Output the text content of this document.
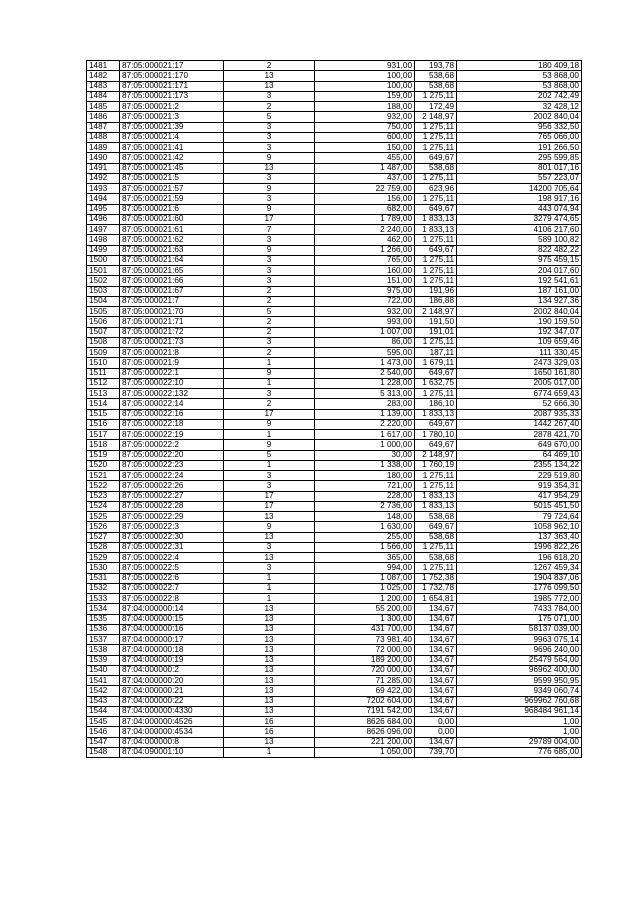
1481	87:05:000021:17	2	931,00	193,78	180 409,18
1482	87:05:000021:170	13	100,00	538,68	53 868,00
1483	87:05:000021:171	13	100,00	538,68	53 868,00
1484	87:05:000021:173	3	159,00	1 275,11	202 742,49
1485	87:05:000021:2	2	188,00	172,49	32 428,12
1486	87:05:000021:3	5	932,00	2 148,97	2002 840,04
1487	87:05:000021:39	3	750,00	1 275,11	956 332,50
1488	87:05:000021:4	3	600,00	1 275,11	765 066,00
1489	87:05:000021:41	3	150,00	1 275,11	191 266,50
1490	87:05:000021:42	9	455,00	649,67	295 599,85
1491	87:05:000021:45	13	1 487,00	538,68	801 017,16
1492	87:05:000021:5	3	437,00	1 275,11	557 223,07
1493	87:05:000021:57	9	22 759,00	623,96	14200 705,64
1494	87:05:000021:59	3	156,00	1 275,11	198 917,16
1495	87:05:000021:6	9	682,00	649,67	443 074,94
1496	87:05:000021:60	17	1 789,00	1 833,13	3279 474,65
1497	87:05:000021:61	7	2 240,00	1 833,13	4106 217,60
1498	87:05:000021:62	3	462,00	1 275,11	589 100,82
1499	87:05:000021:63	9	1 266,00	649,67	822 482,22
1500	87:05:000021:64	3	765,00	1 275,11	975 459,15
1501	87:05:000021:65	3	160,00	1 275,11	204 017,60
1502	87:05:000021:66	3	151,00	1 275,11	192 541,61
1503	87:05:000021:67	2	975,00	191,96	187 161,00
1504	87:05:000021:7	2	722,00	186,88	134 927,36
1505	87:05:000021:70	5	932,00	2 148,97	2002 840,04
1506	87:05:000021:71	2	993,00	191,50	190 159,50
1507	87:05:000021:72	2	1 007,00	191,01	192 347,07
1508	87:05:000021:73	3	86,00	1 275,11	109 659,46
1509	87:05:000021:8	2	595,00	187,11	111 330,45
1510	87:05:000021:9	1	1 473,00	1 679,11	2473 329,03
1511	87:05:000022:1	9	2 540,00	649,67	1650 161,80
1512	87:05:000022:10	1	1 228,00	1 632,75	2005 017,00
1513	87:05:000022:132	3	5 313,00	1 275,11	6774 659,43
1514	87:05:000022:14	2	283,00	186,10	52 666,30
1515	87:05:000022:16	17	1 139,00	1 833,13	2087 935,33
1516	87:05:000022:18	9	2 220,00	649,67	1442 267,40
1517	87:05:000022:19	1	1 617,00	1 780,10	2878 421,70
1518	87:05:000022:2	9	1 000,00	649,67	649 670,00
1519	87:05:000022:20	5	30,00	2 148,97	64 469,10
1520	87:05:000022:23	1	1 338,00	1 760,19	2355 134,22
1521	87:05:000022:24	3	180,00	1 275,11	229 519,80
1522	87:05:000022:26	3	721,00	1 275,11	919 354,31
1523	87:05:000022:27	17	228,00	1 833,13	417 954,29
1524	87:05:000022:28	17	2 736,00	1 833,13	5015 451,50
1525	87:05:000022:29	13	148,00	538,68	79 724,64
1526	87:05:000022:3	9	1 630,00	649,67	1058 962,10
1527	87:05:000022:30	13	255,00	538,68	137 363,40
1528	87:05:000022:31	3	1 566,00	1 275,11	1996 822,26
1529	87:05:000022:4	13	365,00	538,68	196 618,20
1530	87:05:000022:5	3	994,00	1 275,11	1267 459,34
1531	87:05:000022:6	1	1 087,00	1 752,38	1904 837,06
1532	87:05:000022:7	1	1 025,00	1 732,78	1776 099,50
1533	87:05:000022:8	1	1 200,00	1 654,81	1985 772,00
1534	87:04:000000:14	13	55 200,00	134,67	7433 784,00
1535	87:04:000000:15	13	1 300,00	134,67	175 071,00
1536	87:04:000000:16	13	431 700,00	134,67	58137 039,00
1537	87:04:000000:17	13	73 981,40	134,67	9963 075,14
1538	87:04:000000:18	13	72 000,00	134,67	9696 240,00
1539	87:04:000000:19	13	189 200,00	134,67	25479 564,00
1540	87:04:000000:2	13	720 000,00	134,67	96962 400,00
1541	87:04:000000:20	13	71 285,00	134,67	9599 950,95
1542	87:04:000000:21	13	69 422,00	134,67	9349 060,74
1543	87:04:000000:22	13	7202 604,00	134,67	969962 760,68
1544	87:04:000000:4330	13	7191 542,00	134,67	968484 961,14
1545	87:04:000000:4526	16	8626 684,00	0,00	1,00
1546	87:04:000000:4534	16	8626 096,00	0,00	1,00
1547	87:04:000000:8	13	221 200,00	134,67	29789 004,00
1548	87:04:090001:10	1	1 050,00	739,70	776 685,00
